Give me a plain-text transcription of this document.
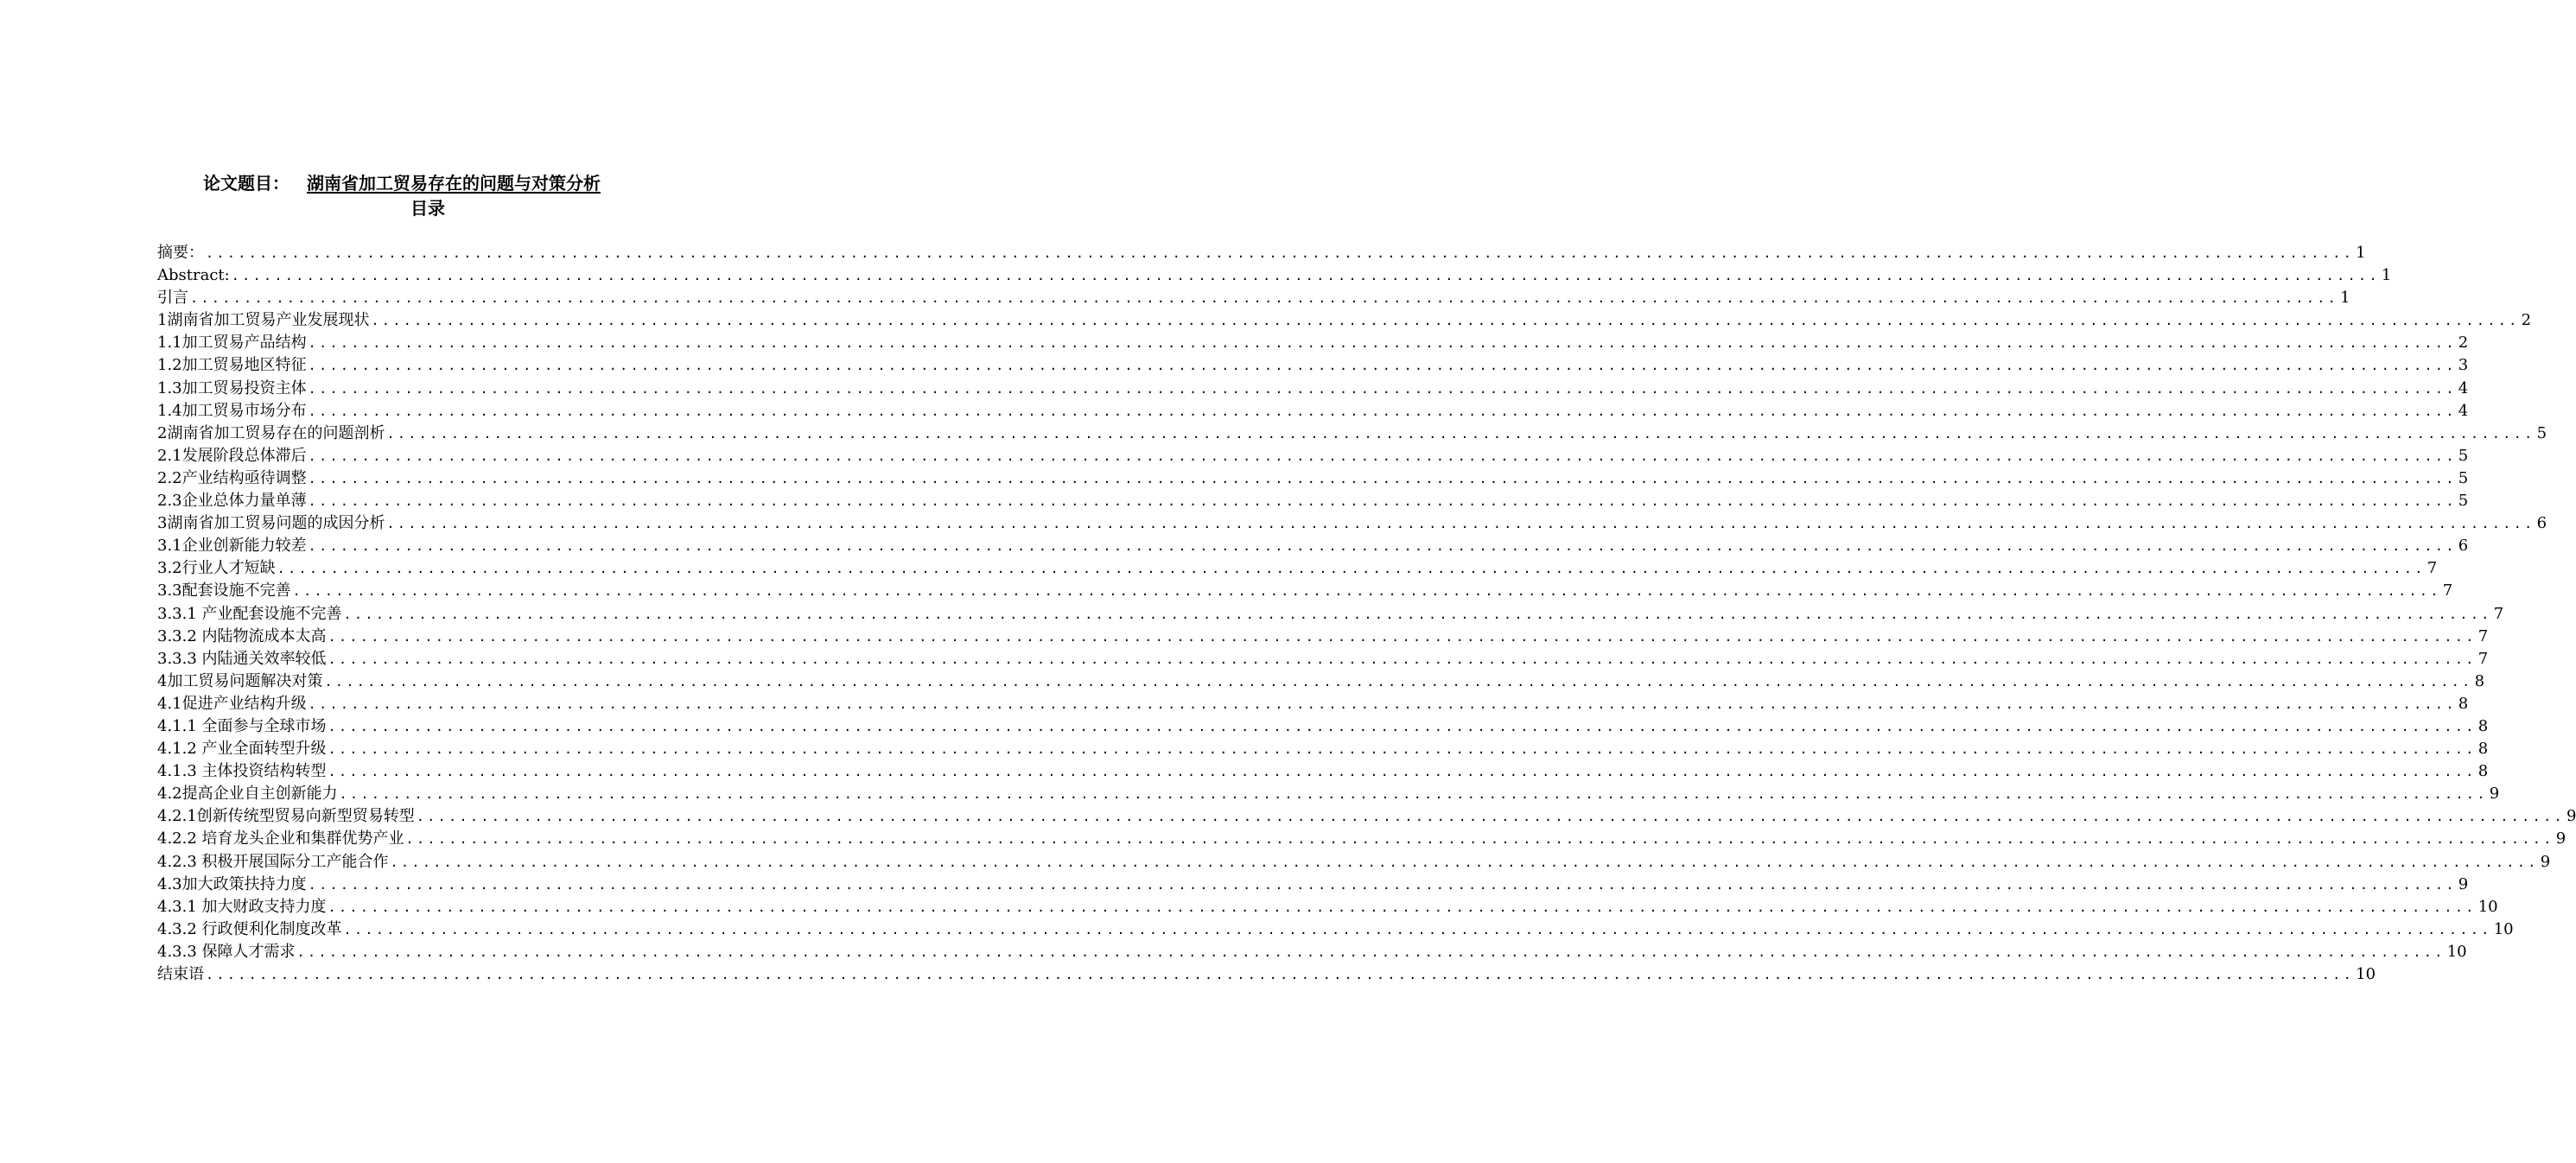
论文题目： 湖南省加工贸易存在的问题与对策分析
目录
摘要： ........................................................................................................................................................................................................ 1
Abstract: ........................................................................................................................................................................................................ 1
引言 ........................................................................................................................................................................................................ 1
1湖南省加工贸易产业发展现状 ........................................................................................................................................................................................................ 2
1.1加工贸易产品结构 ........................................................................................................................................................................................................ 2
1.2加工贸易地区特征 ........................................................................................................................................................................................................ 3
1.3加工贸易投资主体 ........................................................................................................................................................................................................ 4
1.4加工贸易市场分布 ........................................................................................................................................................................................................ 4
2湖南省加工贸易存在的问题剖析 ........................................................................................................................................................................................................ 5
2.1发展阶段总体滞后 ........................................................................................................................................................................................................ 5
2.2产业结构亟待调整 ........................................................................................................................................................................................................ 5
2.3企业总体力量单薄 ........................................................................................................................................................................................................ 5
3湖南省加工贸易问题的成因分析 ........................................................................................................................................................................................................ 6
3.1企业创新能力较差 ........................................................................................................................................................................................................ 6
3.2行业人才短缺 ........................................................................................................................................................................................................ 7
3.3配套设施不完善 ........................................................................................................................................................................................................ 7
3.3.1 产业配套设施不完善 ........................................................................................................................................................................................................ 7
3.3.2 内陆物流成本太高 ........................................................................................................................................................................................................ 7
3.3.3 内陆通关效率较低 ........................................................................................................................................................................................................ 7
4加工贸易问题解决对策 ........................................................................................................................................................................................................ 8
4.1促进产业结构升级 ........................................................................................................................................................................................................ 8
4.1.1 全面参与全球市场 ........................................................................................................................................................................................................ 8
4.1.2 产业全面转型升级 ........................................................................................................................................................................................................ 8
4.1.3 主体投资结构转型 ........................................................................................................................................................................................................ 8
4.2提高企业自主创新能力 ........................................................................................................................................................................................................ 9
4.2.1创新传统型贸易向新型贸易转型 ........................................................................................................................................................................................................ 9
4.2.2 培育龙头企业和集群优势产业 ........................................................................................................................................................................................................ 9
4.2.3 积极开展国际分工产能合作 ........................................................................................................................................................................................................ 9
4.3加大政策扶持力度 ........................................................................................................................................................................................................ 9
4.3.1 加大财政支持力度 ........................................................................................................................................................................................................ 10
4.3.2 行政便利化制度改革 ........................................................................................................................................................................................................ 10
4.3.3 保障人才需求 ........................................................................................................................................................................................................ 10
结束语 ........................................................................................................................................................................................................ 10
